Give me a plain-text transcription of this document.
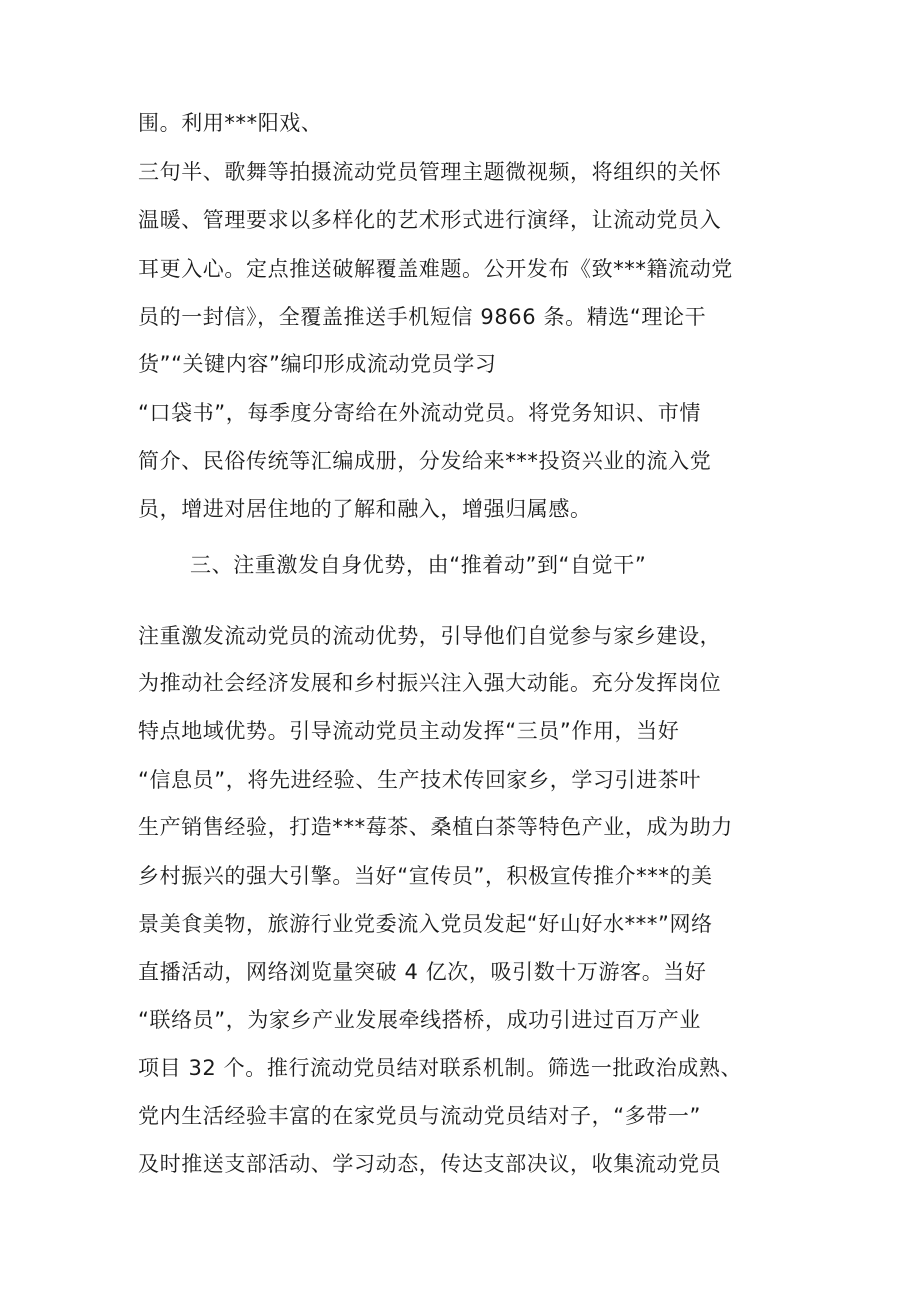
围。利用***阳戏、
三句半、歌舞等拍摄流动党员管理主题微视频，将组织的关怀
温暖、管理要求以多样化的艺术形式进行演绎，让流动党员入
耳更入心。定点推送破解覆盖难题。公开发布《致***籍流动党
员的一封信》，全覆盖推送手机短信 9866 条。精选“理论干
货”“关键内容”编印形成流动党员学习
“口袋书”，每季度分寄给在外流动党员。将党务知识、市情
简介、民俗传统等汇编成册，分发给来***投资兴业的流入党
员，增进对居住地的了解和融入，增强归属感。
三、注重激发自身优势，由“推着动”到“自觉干”
注重激发流动党员的流动优势，引导他们自觉参与家乡建设，
为推动社会经济发展和乡村振兴注入强大动能。充分发挥岗位
特点地域优势。引导流动党员主动发挥“三员”作用，当好
“信息员”，将先进经验、生产技术传回家乡，学习引进茶叶
生产销售经验，打造***莓茶、桑植白茶等特色产业，成为助力
乡村振兴的强大引擎。当好“宣传员”，积极宣传推介***的美
景美食美物，旅游行业党委流入党员发起“好山好水***”网络
直播活动，网络浏览量突破 4 亿次，吸引数十万游客。当好
“联络员”，为家乡产业发展牵线搭桥，成功引进过百万产业
项目 32 个。推行流动党员结对联系机制。筛选一批政治成熟、
党内生活经验丰富的在家党员与流动党员结对子，“多带一”
及时推送支部活动、学习动态，传达支部决议，收集流动党员
